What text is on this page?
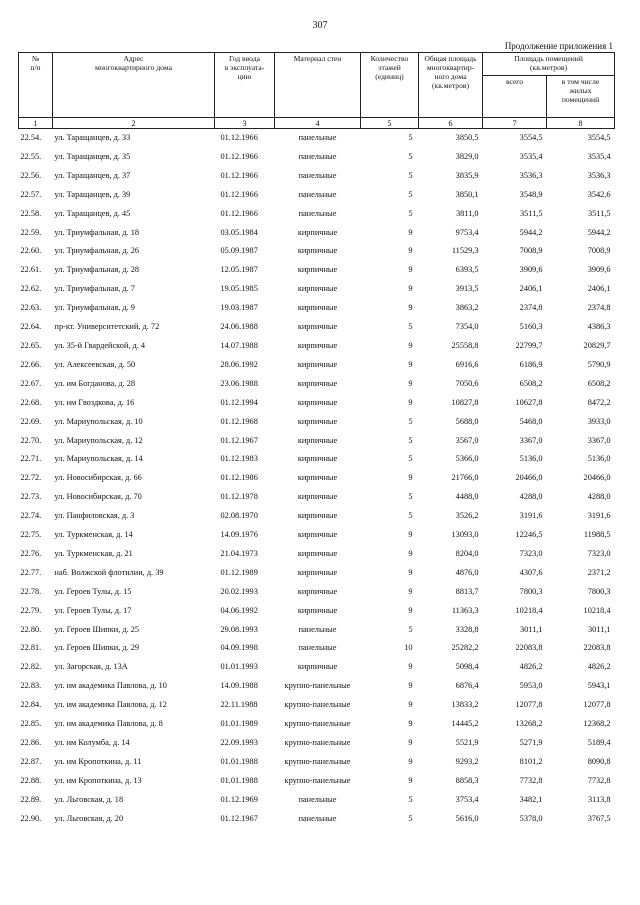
307
Продолжение приложения 1
№
п/п	Адрес
многоквартирного дома	Год ввода
в эксплуата-
цию	Материал стен	Количество
этажей
(единиц)	Общая площадь
многоквартир-
ного дома
(кв.метров)	Площадь помещений
(кв.метров)	
						всего	в том числе
жилых
помещений
1	2	3	4	5	6	7	8
22.54.	ул. Таращанцев, д. 33	01.12.1966	панельные	5	3850,5	3554,5	3554,5
22.55.	ул. Таращанцев, д. 35	01.12.1966	панельные	5	3829,0	3535,4	3535,4
22.56.	ул. Таращанцев, д. 37	01.12.1966	панельные	5	3835,9	3536,3	3536,3
22.57.	ул. Таращанцев, д. 39	01.12.1966	панельные	5	3850,1	3548,9	3542,6
22.58.	ул. Таращанцев, д. 45	01.12.1966	панельные	5	3811,0	3511,5	3511,5
22.59.	ул. Триумфальная, д. 18	03.05.1984	кирпичные	9	9753,4	5944,2	5944,2
22.60.	ул. Триумфальная, д. 26	05.09.1987	кирпичные	9	11529,3	7008,9	7008,9
22.61.	ул. Триумфальная, д. 28	12.05.1987	кирпичные	9	6393,5	3909,6	3909,6
22.62.	ул. Триумфальная, д. 7	19.05.1985	кирпичные	9	3913,5	2406,1	2406,1
22.63.	ул. Триумфальная, д. 9	19.03.1987	кирпичные	9	3863,2	2374,8	2374,8
22.64.	пр-кт. Университетский, д. 72	24.06.1988	кирпичные	5	7354,0	5160,3	4386,3
22.65.	ул. 35-й Гвардейской, д. 4	14.07.1988	кирпичные	9	25558,8	22799,7	20829,7
22.66.	ул. Алексеевская, д. 50	28.06.1992	кирпичные	9	6916,6	6186,9	5790,9
22.67.	ул. им Богданова, д. 28	23.06.1988	кирпичные	9	7050,6	6508,2	6508,2
22.68.	ул. им Гвоздкова, д. 16	01.12.1994	кирпичные	9	10827,8	10627,8	8472,2
22.69.	ул. Мариупольская, д. 10	01.12.1968	кирпичные	5	5688,0	5468,0	3933,0
22.70.	ул. Мариупольская, д. 12	01.12.1967	кирпичные	5	3567,0	3367,0	3367,0
22.71.	ул. Мариупольская, д. 14	01.12.1983	кирпичные	5	5366,0	5136,0	5136,0
22.72.	ул. Новосибирская, д. 66	01.12.1986	кирпичные	9	21766,0	20466,0	20466,0
22.73.	ул. Новосибирская, д. 70	01.12.1978	кирпичные	5	4488,0	4288,0	4288,0
22.74.	ул. Панфиловская, д. 3	02.08.1970	кирпичные	5	3526,2	3191,6	3191,6
22.75.	ул. Туркменская, д. 14	14.09.1976	кирпичные	9	13093,0	12246,5	11988,5
22.76.	ул. Туркменская, д. 21	21.04.1973	кирпичные	9	8204,0	7323,0	7323,0
22.77.	наб. Волжской флотилии, д. 39	01.12.1989	кирпичные	9	4876,0	4307,6	2371,2
22.78.	ул. Героев Тулы, д. 15	20.02.1993	кирпичные	9	8813,7	7800,3	7800,3
22.79.	ул. Героев Тулы, д. 17	04.06.1992	кирпичные	9	11363,3	10218,4	10218,4
22.80.	ул. Героев Шипки, д. 25	29.08.1993	панельные	5	3328,8	3011,1	3011,1
22.81.	ул. Героев Шипки, д. 29	04.09.1998	панельные	10	25282,2	22083,8	22083,8
22.82.	ул. Загорская, д. 13А	01.01.1993	кирпичные	9	5098,4	4826,2	4826,2
22.83.	ул. им академика Павлова, д. 10	14.09.1988	крупно-панельные	9	6876,4	5953,0	5943,1
22.84.	ул. им академика Павлова, д. 12	22.11.1988	крупно-панельные	9	13833,2	12077,8	12077,8
22.85.	ул. им академика Павлова, д. 8	01.01.1989	крупно-панельные	9	14445,2	13268,2	12368,2
22.86.	ул. им Колумба, д. 14	22.09.1993	крупно-панельные	9	5521,9	5271,9	5189,4
22.87.	ул. им Кропоткина, д. 11	01.01.1988	крупно-панельные	9	9293,2	8101,2	8090,8
22.88.	ул. им Кропоткина, д. 13	01.01.1988	крупно-панельные	9	8858,3	7732,8	7732,8
22.89.	ул. Льговская, д. 18	01.12.1969	панельные	5	3753,4	3482,1	3113,8
22.90.	ул. Льговская, д. 20	01.12.1967	панельные	5	5616,0	5378,0	3767,5
